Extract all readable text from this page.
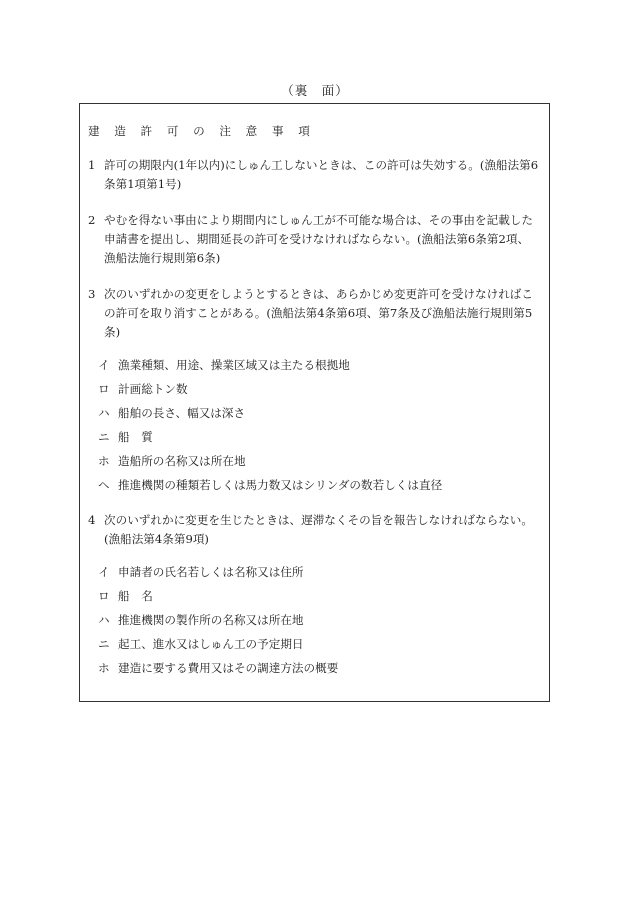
（裏　面）
建 造 許 可 の 注 意 事 項
1 許可の期限内(1年以内)にしゅん工しないときは、この許可は失効する。(漁船法第6条第1項第1号)
2 やむを得ない事由により期間内にしゅん工が不可能な場合は、その事由を記載した申請書を提出し、期間延長の許可を受けなければならない。(漁船法第6条第2項、漁船法施行規則第6条)
3 次のいずれかの変更をしようとするときは、あらかじめ変更許可を受けなければこの許可を取り消すことがある。(漁船法第4条第6項、第7条及び漁船法施行規則第5条)
イ 漁業種類、用途、操業区域又は主たる根拠地
ロ 計画総トン数
ハ 船舶の長さ、幅又は深さ
ニ 船　質
ホ 造船所の名称又は所在地
ヘ 推進機関の種類若しくは馬力数又はシリンダの数若しくは直径
4 次のいずれかに変更を生じたときは、遅滞なくその旨を報告しなければならない。(漁船法第4条第9項)
イ 申請者の氏名若しくは名称又は住所
ロ 船　名
ハ 推進機関の製作所の名称又は所在地
ニ 起工、進水又はしゅん工の予定期日
ホ 建造に要する費用又はその調達方法の概要
